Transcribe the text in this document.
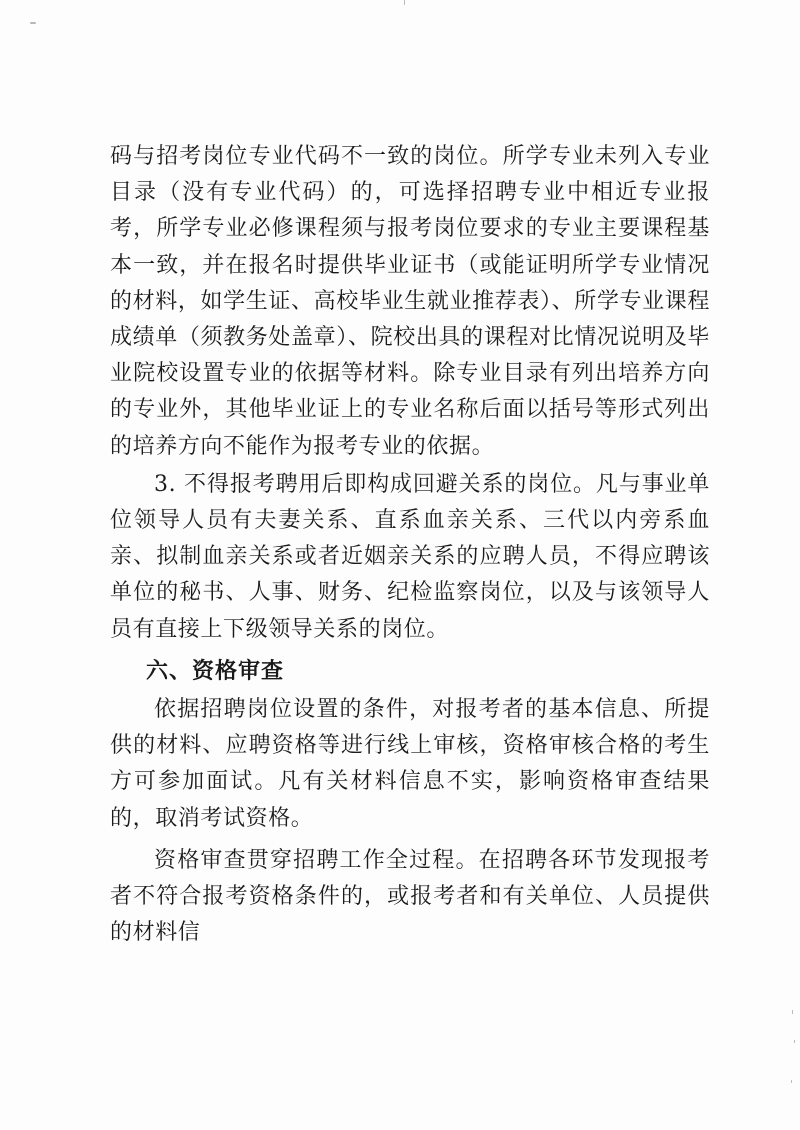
码与招考岗位专业代码不一致的岗位。所学专业未列入专业目录（没有专业代码）的，可选择招聘专业中相近专业报考，所学专业必修课程须与报考岗位要求的专业主要课程基本一致，并在报名时提供毕业证书（或能证明所学专业情况的材料，如学生证、高校毕业生就业推荐表）、所学专业课程成绩单（须教务处盖章）、院校出具的课程对比情况说明及毕业院校设置专业的依据等材料。除专业目录有列出培养方向的专业外，其他毕业证上的专业名称后面以括号等形式列出的培养方向不能作为报考专业的依据。

3. 不得报考聘用后即构成回避关系的岗位。凡与事业单位领导人员有夫妻关系、直系血亲关系、三代以内旁系血亲、拟制血亲关系或者近姻亲关系的应聘人员，不得应聘该单位的秘书、人事、财务、纪检监察岗位，以及与该领导人员有直接上下级领导关系的岗位。

六、资格审查

依据招聘岗位设置的条件，对报考者的基本信息、所提供的材料、应聘资格等进行线上审核，资格审核合格的考生方可参加面试。凡有关材料信息不实，影响资格审查结果的，取消考试资格。

资格审查贯穿招聘工作全过程。在招聘各环节发现报考者不符合报考资格条件的，或报考者和有关单位、人员提供的材料信
